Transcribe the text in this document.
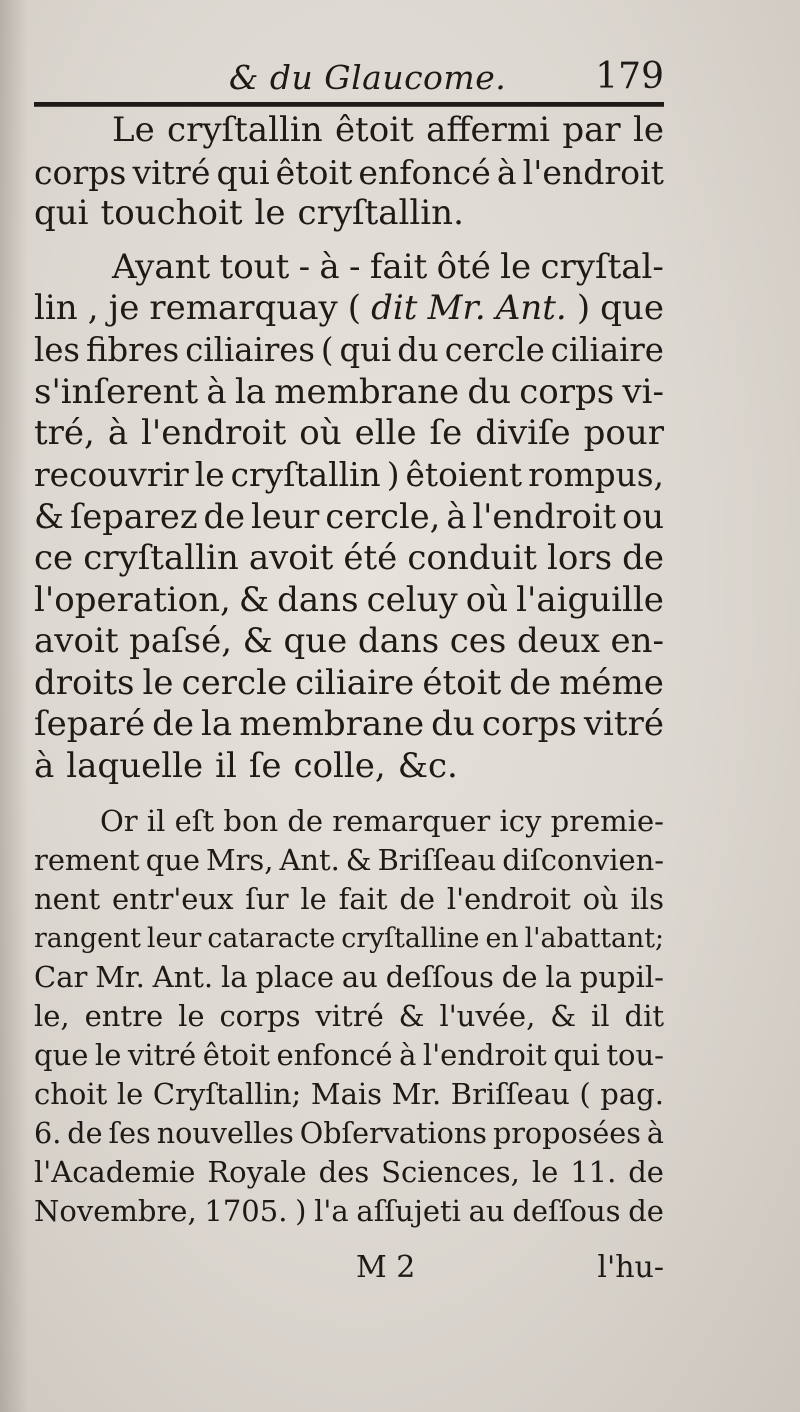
& du Glaucome. 179
Le cryſtallin êtoit affermi par le
corps vitré qui êtoit enfoncé à l'endroit
qui touchoit le cryſtallin.
Ayant tout - à - fait ôté le cryſtal-
lin , je remarquay ( dit Mr. Ant. ) que
les fibres ciliaires ( qui du cercle ciliaire
s'inſerent à la membrane du corps vi-
tré, à l'endroit où elle ſe diviſe pour
recouvrir le cryſtallin ) êtoient rompus,
& ſeparez de leur cercle, à l'endroit ou
ce cryſtallin avoit été conduit lors de
l'operation, & dans celuy où l'aiguille
avoit paſsé, & que dans ces deux en-
droits le cercle ciliaire étoit de méme
ſeparé de la membrane du corps vitré
à laquelle il ſe colle, &c.
Or il eſt bon de remarquer icy premie-
rement que Mrs, Ant. & Briſſeau diſconvien-
nent entr'eux ſur le fait de l'endroit où ils
rangent leur cataracte cryſtalline en l'abattant;
Car Mr. Ant. la place au deſſous de la pupil-
le, entre le corps vitré & l'uvée, & il dit
que le vitré êtoit enfoncé à l'endroit qui tou-
choit le Cryſtallin; Mais Mr. Briſſeau ( pag.
6. de ſes nouvelles Obſervations proposées à
l'Academie Royale des Sciences, le 11. de
Novembre, 1705. ) l'a aſſujeti au deſſous de
M 2	l'hu-
